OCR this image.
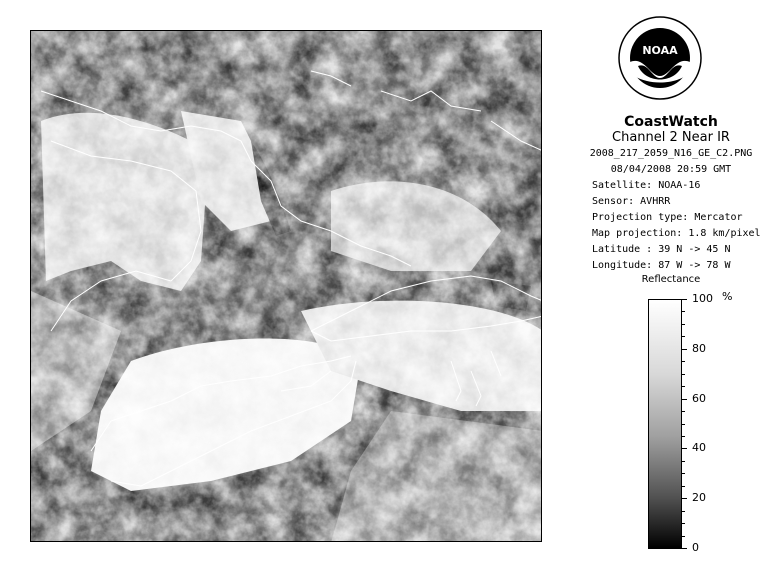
NOAA
CoastWatch
Channel 2 Near IR
2008_217_2059_N16_GE_C2.PNG
08/04/2008 20:59 GMT
Satellite: NOAA-16
Sensor: AVHRR
Projection type: Mercator
Map projection: 1.8 km/pixel
Latitude : 39 N -> 45 N
Longitude: 87 W -> 78 W
Reflectance
%
100
80
60
40
20
0
